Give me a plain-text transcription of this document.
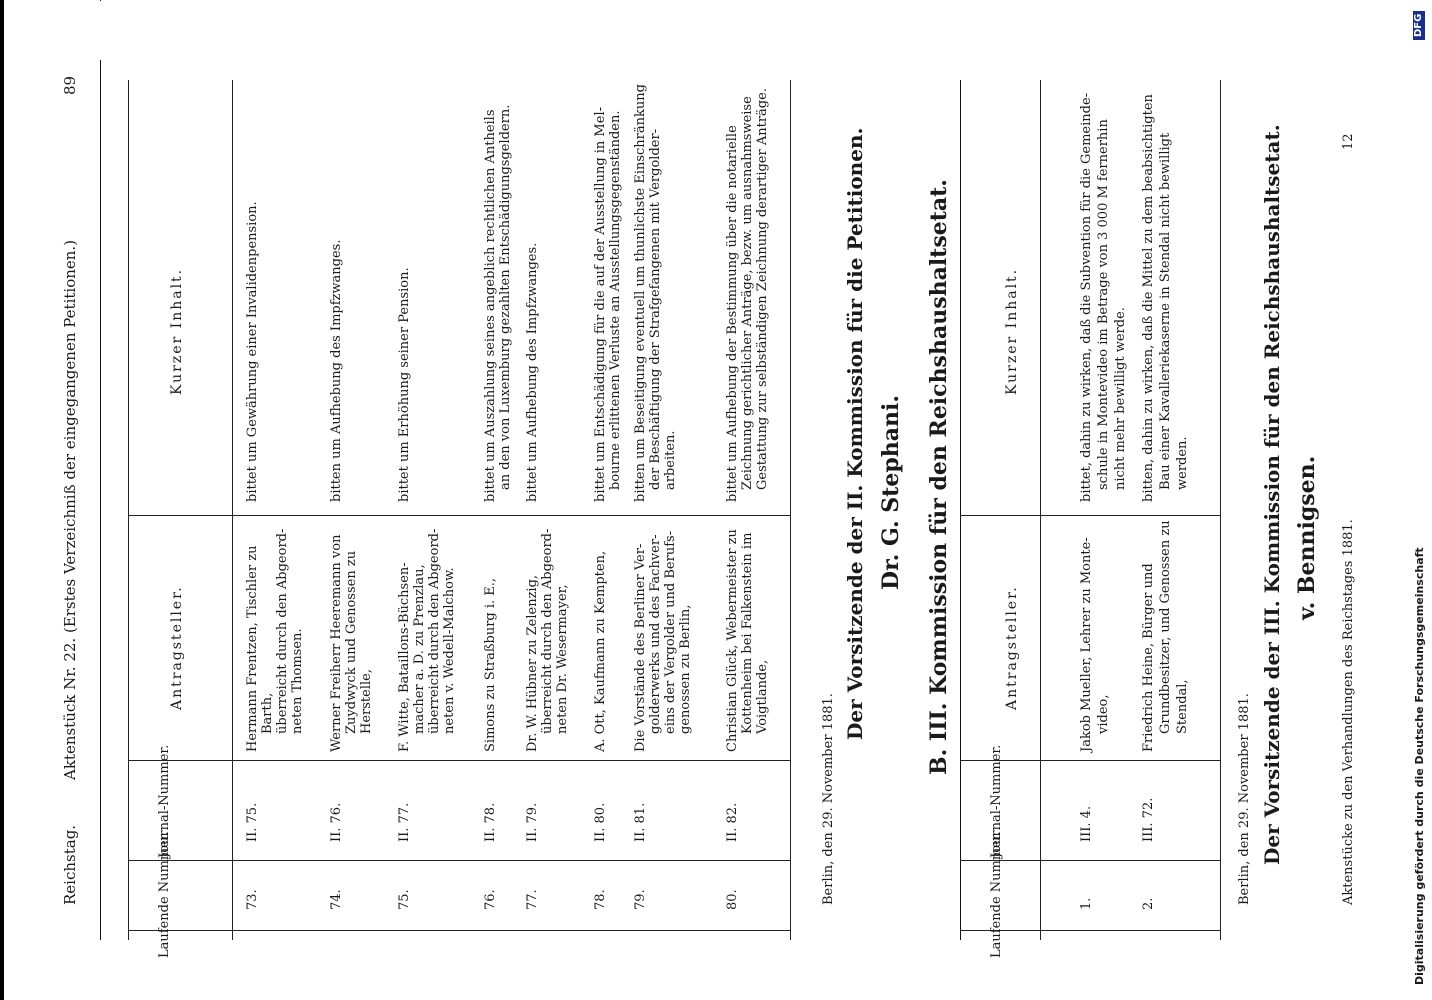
Reichstag.
Aktenstück Nr. 22. (Erstes Verzeichniß der eingegangenen Petitionen.)
89
Laufende Nummer.
Journal-Nummer.
Antragsteller.
Kurzer Inhalt.
73.
II. 75.
Hermann Frentzen, Tischler zu Barth, überreicht durch den Abgeord- neten Thomsen.
bittet um Gewährung einer Invalidenpension.
74.
II. 76.
Werner Freiherr Heeremann von Zuydwyck und Genossen zu Herstelle,
bitten um Aufhebung des Impfzwanges.
75.
II. 77.
F. Witte, Bataillons-Büchsen- macher a. D. zu Prenzlau, überreicht durch den Abgeord- neten v. Wedell-Malchow.
bittet um Erhöhung seiner Pension.
76.
II. 78.
Simons zu Straßburg i. E.,
bittet um Auszahlung seines angeblich rechtlichen Antheils an den von Luxemburg gezahlten Entschädigungsgeldern.
77.
II. 79.
Dr. W. Hübner zu Zelenzig, überreicht durch den Abgeord- neten Dr. Wesermayer,
bittet um Aufhebung des Impfzwanges.
78.
II. 80.
A. Ott, Kaufmann zu Kempten,
bittet um Entschädigung für die auf der Ausstellung in Mel- bourne erlittenen Verluste an Ausstellungsgegenständen.
79.
II. 81.
Die Vorstände des Berliner Ver- golderwerks und des Fachver- eins der Vergolder und Berufs- genossen zu Berlin,
bitten um Beseitigung eventuell um thunlichste Einschränkung der Beschäftigung der Strafgefangenen mit Vergolder- arbeiten.
80.
II. 82.
Christian Glück, Webermeister zu Kottenheim bei Falkenstein im Voigtlande,
bittet um Aufhebung der Bestimmung über die notarielle Zeichnung gerichtlicher Anträge, bezw. um ausnahmsweise Gestattung zur selbständigen Zeichnung derartiger Anträge.
Berlin, den 29. November 1881.
Der Vorsitzende der II. Kommission für die Petitionen. Dr. G. Stephani. B. III. Kommission für den Reichshaushaltsetat.
Laufende Nummer.
Journal-Nummer.
Antragsteller.
Kurzer Inhalt.
1.
III. 4.
Jakob Mueller, Lehrer zu Monte- video,
bittet, dahin zu wirken, daß die Subvention für die Gemeinde- schule in Montevideo im Betrage von 3 000 M fernerhin nicht mehr bewilligt werde.
2.
III. 72.
Friedrich Heine, Bürger und Grundbesitzer, und Genossen zu Stendal,
bitten, dahin zu wirken, daß die Mittel zu dem beabsichtigten Bau einer Kavalleriekaserne in Stendal nicht bewilligt werden.
Berlin, den 29. November 1881. Der Vorsitzende der III. Kommission für den Reichshaushaltsetat. v. Bennigsen. Aktenstücke zu den Verhandlungen des Reichstages 1881.
12
Digitalisierung gefördert durch die Deutsche Forschungsgemeinschaft
DFG
